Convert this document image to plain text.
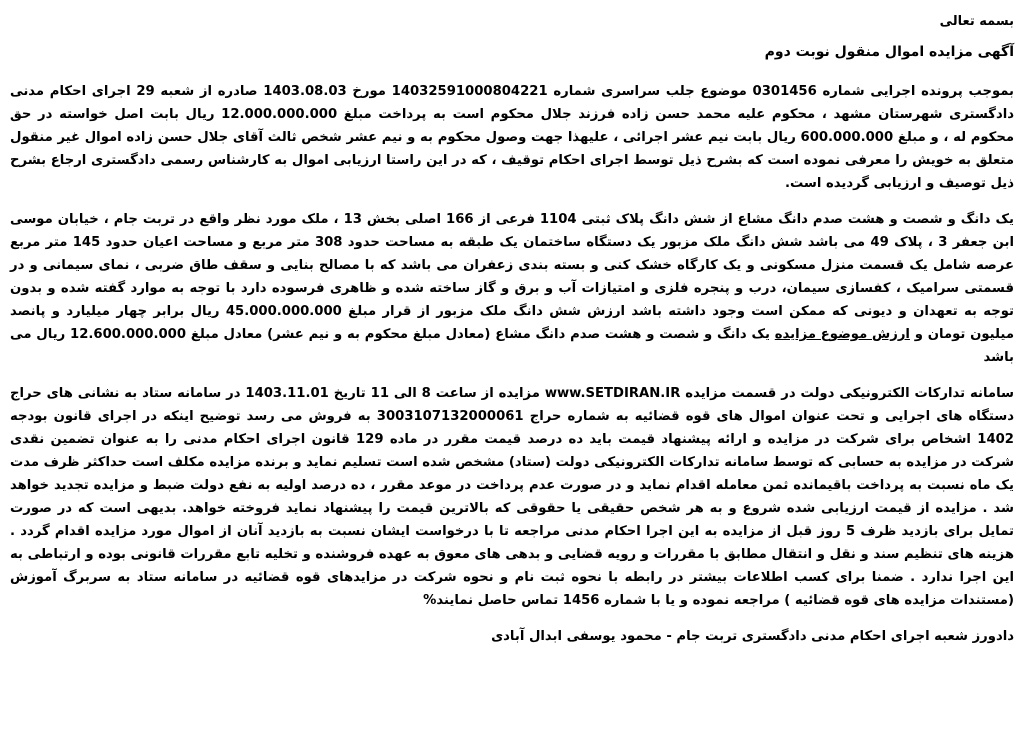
بسمه تعالی

آگهی مزایده اموال منقول نوبت دوم

بموجب پرونده اجرایی شماره 0301456 موضوع جلب سراسری شماره 14032591000804221 مورخ 1403.08.03 صادره از شعبه 29 اجرای احکام مدنی دادگستری شهرستان مشهد ، محکوم علیه محمد حسن زاده فرزند جلال محکوم است به پرداخت مبلغ 12.000.000.000 ریال بابت اصل خواسته در حق محکوم له ، و مبلغ 600.000.000 ریال بابت نیم عشر اجرائی ، علیهذا جهت وصول محکوم به و نیم عشر شخص ثالث آقای جلال حسن زاده اموال غیر منقول متعلق به خویش را معرفی نموده است که بشرح ذیل توسط اجرای احکام توقیف ، که در این راستا ارزیابی اموال به کارشناس رسمی دادگستری ارجاع بشرح ذیل توصیف و ارزیابی گردیده است.

یک دانگ و شصت و هشت صدم دانگ مشاع از شش دانگ پلاک ثبتی 1104 فرعی از 166 اصلی بخش 13 ، ملک مورد نظر واقع در تربت جام ، خیابان موسی ابن جعفر 3 ، پلاک 49 می باشد شش دانگ ملک مزبور یک دستگاه ساختمان یک طبقه به مساحت حدود 308 متر مربع و مساحت اعیان حدود 145 متر مربع عرصه شامل یک قسمت منزل مسکونی و یک کارگاه خشک کنی و بسته بندی زعفران می باشد که با مصالح بنایی و سقف طاق ضربی ، نمای سیمانی و در قسمتی سرامیک ، کفسازی سیمان، درب و پنجره فلزی و امتیازات آب و برق و گاز ساخته شده و ظاهری فرسوده دارد با توجه به موارد گفته شده و بدون توجه به تعهدان و دیونی که ممکن است وجود داشته باشد ارزش شش دانگ ملک مزبور از قرار مبلغ 45.000.000.000 ریال برابر چهار میلیارد و پانصد میلیون تومان و ارزش موضوع مزایده یک دانگ و شصت و هشت صدم دانگ مشاع (معادل مبلغ محکوم به و نیم عشر) معادل مبلغ 12.600.000.000 ریال می باشد

سامانه تدارکات الکترونیکی دولت در قسمت مزایده www.SETDIRAN.IR مزایده از ساعت 8 الی 11 تاریخ 1403.11.01 در سامانه ستاد به نشانی های حراج دستگاه های اجرایی و تحت عنوان اموال های قوه قضائیه به شماره حراج 3003107132000061 به فروش می رسد توضیح اینکه در اجرای قانون بودجه 1402 اشخاص برای شرکت در مزایده و ارائه پیشنهاد قیمت باید ده درصد قیمت مقرر در ماده 129 قانون اجرای احکام مدنی را به عنوان تضمین نقدی شرکت در مزایده به حسابی که توسط سامانه تدارکات الکترونیکی دولت (ستاد) مشخص شده است تسلیم نماید و برنده مزایده مکلف است حداکثر ظرف مدت یک ماه نسبت به پرداخت باقیمانده ثمن معامله اقدام نماید و در صورت عدم پرداخت در موعد مقرر ، ده درصد اولیه به نفع دولت ضبط و مزایده تجدید خواهد شد . مزایده از قیمت ارزیابی شده شروع و به هر شخص حقیقی یا حقوقی که بالاترین قیمت را پیشنهاد نماید فروخته خواهد. بدیهی است که در صورت تمایل برای بازدید ظرف 5 روز قبل از مزایده به این اجرا احکام مدنی مراجعه تا با درخواست ایشان نسبت به بازدید آنان از اموال مورد مزایده اقدام گردد . هزینه های تنظیم سند و نقل و انتقال مطابق با مقررات و رویه قضایی و بدهی های معوق به عهده فروشنده و تخلیه تابع مقررات قانونی بوده و ارتباطی به این اجرا ندارد . ضمنا برای کسب اطلاعات بیشتر در رابطه با نحوه ثبت نام و نحوه شرکت در مزایدهای قوه قضائیه در سامانه ستاد به سربرگ آموزش (مستندات مزایده های قوه قضائیه ) مراجعه نموده و یا با شماره 1456 تماس حاصل نمایند%

دادورز شعبه اجرای احکام مدنی دادگستری تربت جام - محمود یوسفی ابدال آبادی
